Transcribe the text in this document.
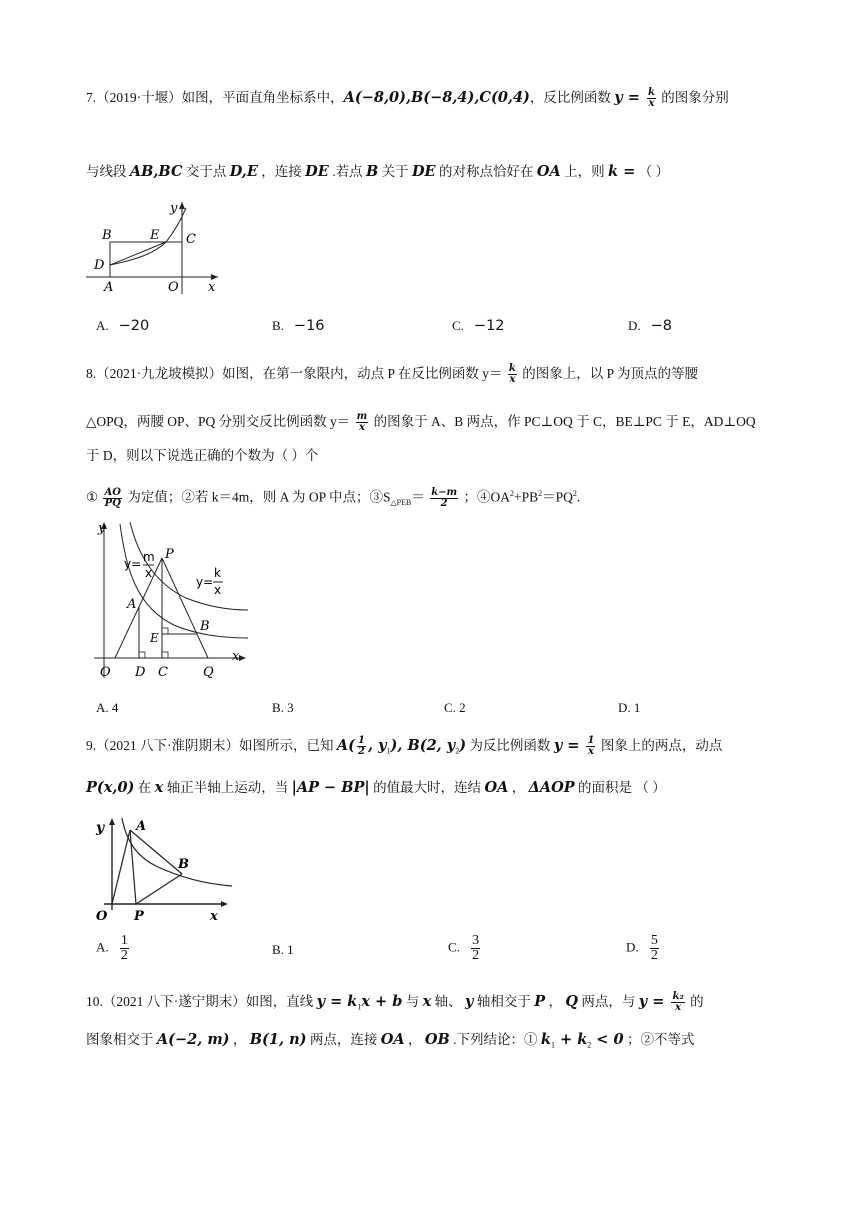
7.（2019·十堰）如图，平面直角坐标系中，A(−8,0),B(−8,4),C(0,4)，反比例函数 $y = \frac{k}{x}$ 的图象分别
与线段 AB,BC 交于点 D,E ，连接 DE .若点 B 关于 DE 的对称点恰好在 OA 上，则 k = （ ）
y
x
B	E C
D
A	O
A. −20	B. −16	C. −12	D. −8
8.（2021·九龙坡模拟）如图，在第一象限内，动点 P 在反比例函数 $y= \frac{k}{x}$ 的图象上，以 P 为顶点的等腰
△OPQ，两腰 OP、PQ 分别交反比例函数 $y= \frac{m}{x}$ 的图象于 A、B 两点，作 PC⊥OQ 于 C，BE⊥PC 于 E，AD⊥OQ
于 D，则以下说选正确的个数为（ ）个
① $\frac{AO}{PQ}$ 为定值；②若 k＝4m，则 A 为 OP 中点；$③S_{\triangle PEB}= \frac{k-m}{2}$ ；$④OA^2+PB^2=PQ^2$.
y
x
y= m
x
y=
k
x
P
A
E
B
O D C	Q
A. 4	B. 3	C. 2	D. 1
9.（2021 八下·淮阴期末）如图所示，已知 $A( \frac{1}{2}$ , $y_1$), B(2, $y_2$) 为反比例函数 $y = \frac{1}{x}$ 图象上的两点，动点
P(x,0) 在 x 轴正半轴上运动，当 |AP − BP| 的值最大时，连结 OA ， ΔAOP 的面积是 （ ）
y A
B
O P	x
A. $\frac{1}{2}$	B. 1	C. $\frac{3}{2}$	D. $\frac{5}{2}$
10.（2021 八下·遂宁期末）如图，直线 $y = k_1x + b$ 与 x 轴、 y 轴相交于 P ， Q 两点，与 $y = \frac{\text{k₂}}{x}$ 的
图象相交于 A(−2, m) ， B(1, n) 两点，连接 OA ， OB .下列结论：① $k_1 + k_2 < 0$ ；②不等式
